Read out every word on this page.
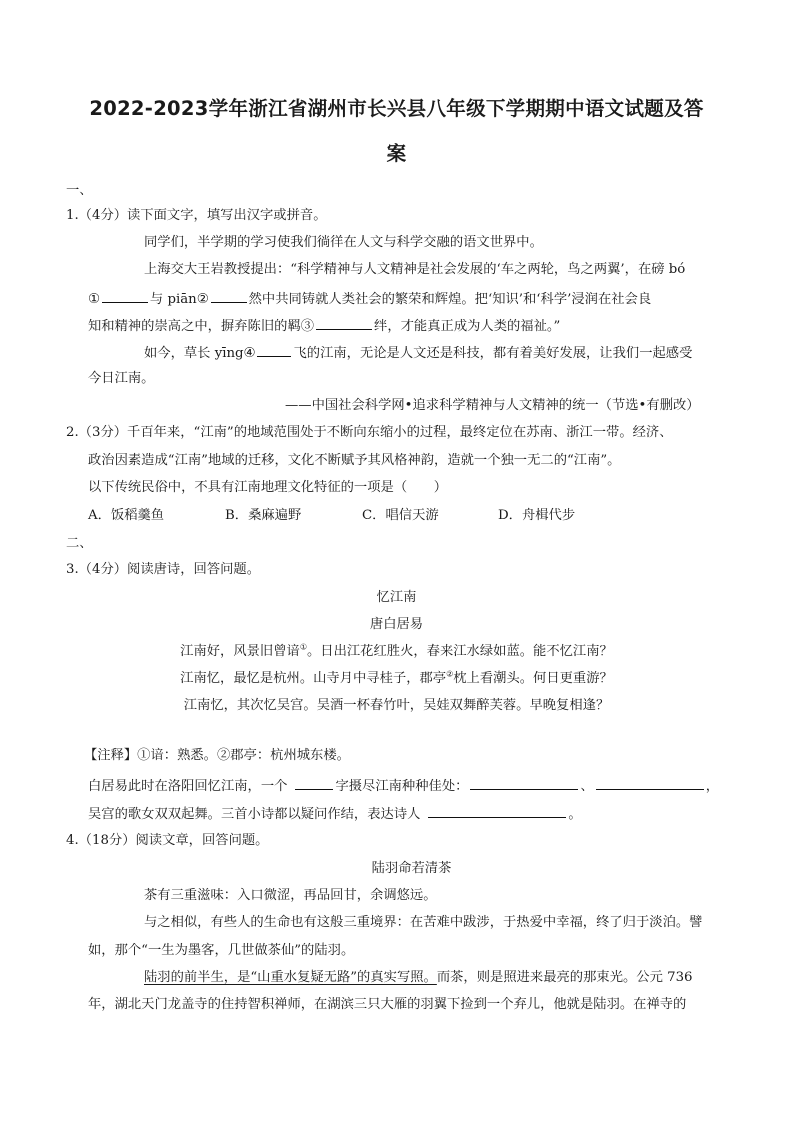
2022-2023学年浙江省湖州市长兴县八年级下学期期中语文试题及答
案
一、
1.（4分）读下面文字，填写出汉字或拼音。
同学们，半学期的学习使我们徜徉在人文与科学交融的语文世界中。
上海交大王岩教授提出：“科学精神与人文精神是社会发展的‘车之两轮，鸟之两翼’，在磅 bó
①	与 piān②	然中共同铸就人类社会的繁荣和辉煌。把‘知识’和‘科学’浸润在社会良
知和精神的崇高之中，摒弃陈旧的羁③	绊，才能真正成为人类的福祉。”
如今，草长 yīng④	飞的江南，无论是人文还是科技，都有着美好发展，让我们一起感受
今日江南。
——中国社会科学网•追求科学精神与人文精神的统一（节选•有删改）
2.（3分）千百年来，“江南”的地域范围处于不断向东缩小的过程，最终定位在苏南、浙江一带。经济、
政治因素造成“江南”地域的迁移，文化不断赋予其风格神韵，造就一个独一无二的“江南”。
以下传统民俗中，不具有江南地理文化特征的一项是（　　）
A．饭稻羹鱼	B．桑麻遍野	C．唱信天游	D．舟楫代步
二、
3.（4分）阅读唐诗，回答问题。
忆江南
唐白居易
江南好，风景旧曾谙①。日出江花红胜火，春来江水绿如蓝。能不忆江南？
江南忆，最忆是杭州。山寺月中寻桂子，郡亭②枕上看潮头。何日更重游？
江南忆，其次忆吴宫。吴酒一杯春竹叶，吴娃双舞醉芙蓉。早晚复相逢？
【注释】①谙：熟悉。②郡亭：杭州城东楼。
白居易此时在洛阳回忆江南，一个	字摄尽江南种种佳处：	、	，
吴宫的歌女双双起舞。三首小诗都以疑问作结，表达诗人	。
4.（18分）阅读文章，回答问题。
陆羽命若清茶
茶有三重滋味：入口微涩，再品回甘，余调悠远。
与之相似，有些人的生命也有这般三重境界：在苦难中跋涉，于热爱中幸福，终了归于淡泊。譬
如，那个“一生为墨客，几世做茶仙”的陆羽。
陆羽的前半生，是“山重水复疑无路”的真实写照。而茶，则是照进来最亮的那束光。公元 736
年，湖北天门龙盖寺的住持智积禅师，在湖滨三只大雁的羽翼下捡到一个弃儿，他就是陆羽。在禅寺的
